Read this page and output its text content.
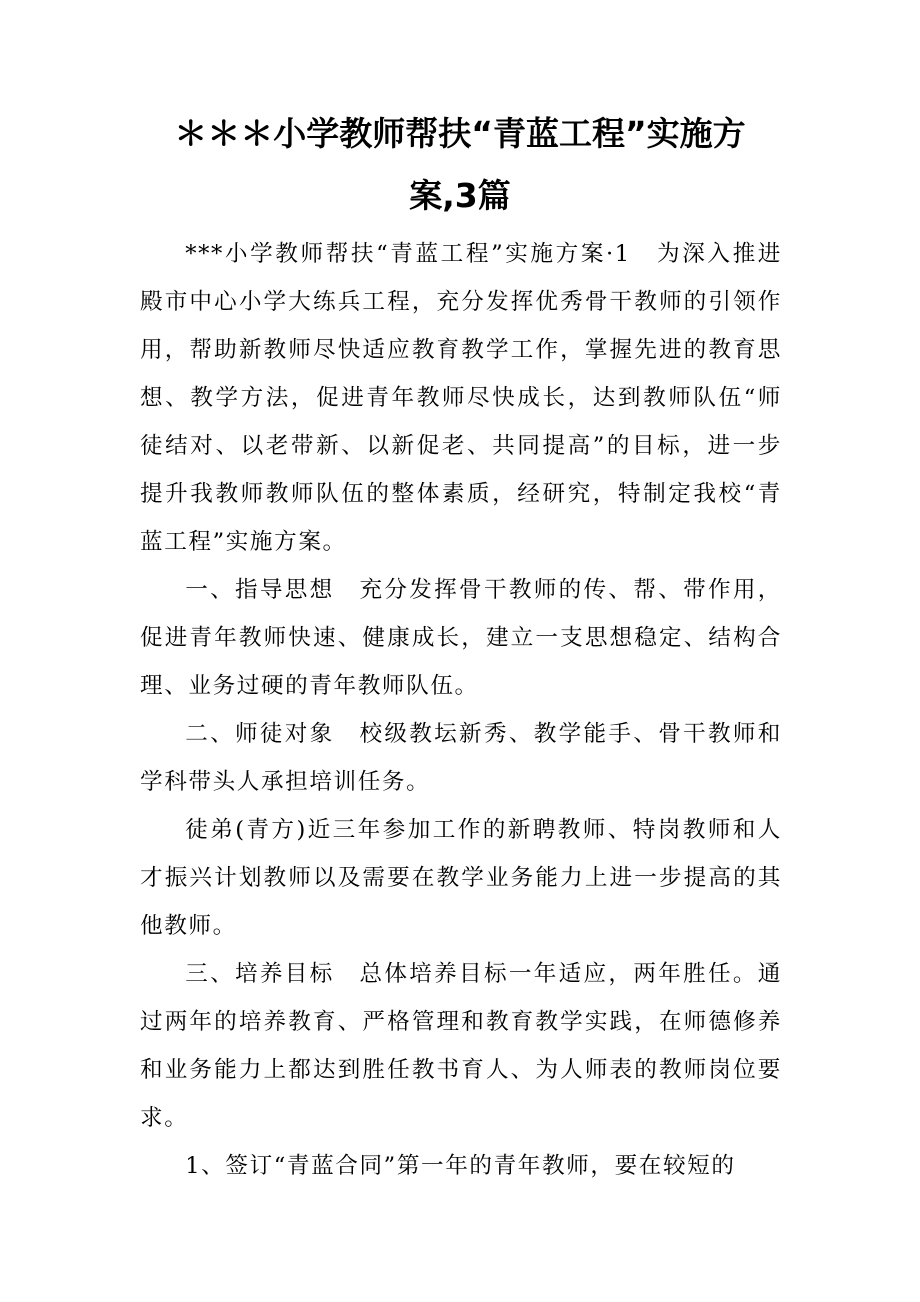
＊＊＊小学教师帮扶“青蓝工程”实施方
案,3篇

***小学教师帮扶“青蓝工程”实施方案·1　为深入推进殿市中心小学大练兵工程，充分发挥优秀骨干教师的引领作用，帮助新教师尽快适应教育教学工作，掌握先进的教育思想、教学方法，促进青年教师尽快成长，达到教师队伍“师徒结对、以老带新、以新促老、共同提高”的目标，进一步提升我教师教师队伍的整体素质，经研究，特制定我校“青蓝工程”实施方案。

一、指导思想　充分发挥骨干教师的传、帮、带作用，促进青年教师快速、健康成长，建立一支思想稳定、结构合理、业务过硬的青年教师队伍。

二、师徒对象　校级教坛新秀、教学能手、骨干教师和学科带头人承担培训任务。

徒弟(青方)近三年参加工作的新聘教师、特岗教师和人才振兴计划教师以及需要在教学业务能力上进一步提高的其他教师。

三、培养目标　总体培养目标一年适应，两年胜任。通过两年的培养教育、严格管理和教育教学实践，在师德修养和业务能力上都达到胜任教书育人、为人师表的教师岗位要求。

1、签订“青蓝合同”第一年的青年教师，要在较短的
